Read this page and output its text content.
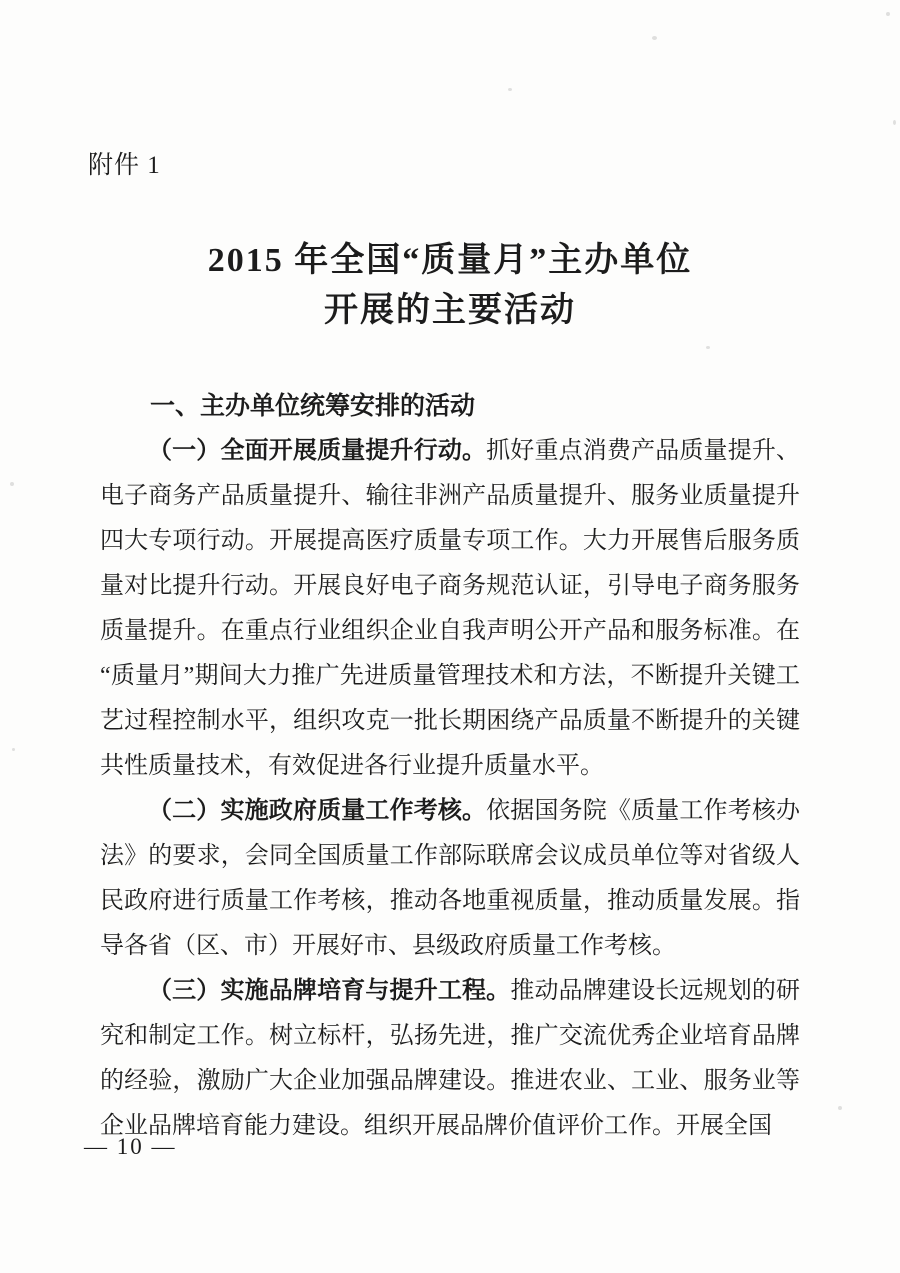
附件 1
2015 年全国“质量月”主办单位
开展的主要活动

一、主办单位统筹安排的活动

（一）全面开展质量提升行动。抓好重点消费产品质量提升、电子商务产品质量提升、输往非洲产品质量提升、服务业质量提升四大专项行动。开展提高医疗质量专项工作。大力开展售后服务质量对比提升行动。开展良好电子商务规范认证，引导电子商务服务质量提升。在重点行业组织企业自我声明公开产品和服务标准。在“质量月”期间大力推广先进质量管理技术和方法，不断提升关键工艺过程控制水平，组织攻克一批长期困绕产品质量不断提升的关键共性质量技术，有效促进各行业提升质量水平。

（二）实施政府质量工作考核。依据国务院《质量工作考核办法》的要求，会同全国质量工作部际联席会议成员单位等对省级人民政府进行质量工作考核，推动各地重视质量，推动质量发展。指导各省（区、市）开展好市、县级政府质量工作考核。

（三）实施品牌培育与提升工程。推动品牌建设长远规划的研究和制定工作。树立标杆，弘扬先进，推广交流优秀企业培育品牌的经验，激励广大企业加强品牌建设。推进农业、工业、服务业等企业品牌培育能力建设。组织开展品牌价值评价工作。开展全国

— 10 —
